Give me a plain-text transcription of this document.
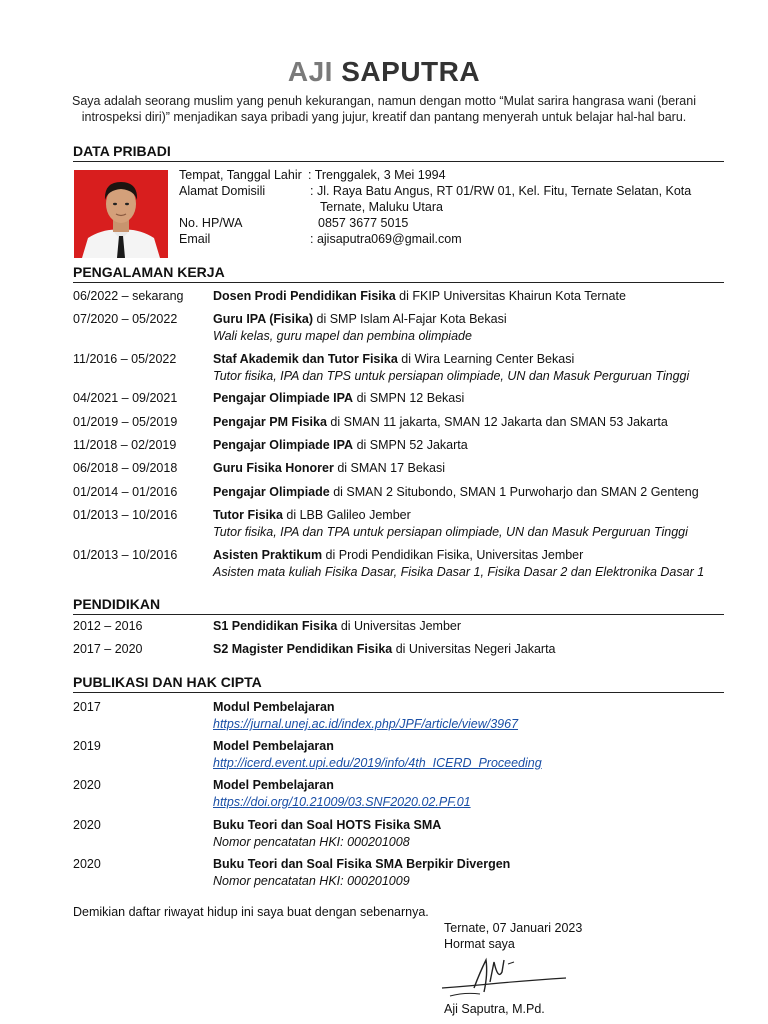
AJI SAPUTRA
Saya adalah seorang muslim yang penuh kekurangan, namun dengan motto “Mulat sarira hangrasa wani (berani
introspeksi diri)” menjadikan saya pribadi yang jujur, kreatif dan pantang menyerah untuk belajar hal-hal baru.
DATA PRIBADI
Tempat, Tanggal Lahir : Trenggalek, 3 Mei 1994
Alamat Domisili	: Jl. Raya Batu Angus, RT 01/RW 01, Kel. Fitu, Ternate Selatan, Kota
Ternate, Maluku Utara
No. HP/WA	0857 3677 5015
Email	: ajisaputra069@gmail.com
PENGALAMAN KERJA
06/2022 – sekarang	Dosen Prodi Pendidikan Fisika di FKIP Universitas Khairun Kota Ternate
07/2020 – 05/2022	Guru IPA (Fisika) di SMP Islam Al-Fajar Kota Bekasi
Wali kelas, guru mapel dan pembina olimpiade
11/2016 – 05/2022	Staf Akademik dan Tutor Fisika di Wira Learning Center Bekasi
Tutor fisika, IPA dan TPS untuk persiapan olimpiade, UN dan Masuk Perguruan Tinggi
04/2021 – 09/2021	Pengajar Olimpiade IPA di SMPN 12 Bekasi
01/2019 – 05/2019	Pengajar PM Fisika di SMAN 11 jakarta, SMAN 12 Jakarta dan SMAN 53 Jakarta
11/2018 – 02/2019	Pengajar Olimpiade IPA di SMPN 52 Jakarta
06/2018 – 09/2018	Guru Fisika Honorer di SMAN 17 Bekasi
01/2014 – 01/2016	Pengajar Olimpiade di SMAN 2 Situbondo, SMAN 1 Purwoharjo dan SMAN 2 Genteng
01/2013 – 10/2016	Tutor Fisika di LBB Galileo Jember
Tutor fisika, IPA dan TPA untuk persiapan olimpiade, UN dan Masuk Perguruan Tinggi
01/2013 – 10/2016	Asisten Praktikum di Prodi Pendidikan Fisika, Universitas Jember
Asisten mata kuliah Fisika Dasar, Fisika Dasar 1, Fisika Dasar 2 dan Elektronika Dasar 1
PENDIDIKAN
2012 – 2016	S1 Pendidikan Fisika di Universitas Jember
2017 – 2020	S2 Magister Pendidikan Fisika di Universitas Negeri Jakarta
PUBLIKASI DAN HAK CIPTA
2017	Modul Pembelajaran
https://jurnal.unej.ac.id/index.php/JPF/article/view/3967
2019	Model Pembelajaran
http://icerd.event.upi.edu/2019/info/4th_ICERD_Proceeding
2020	Model Pembelajaran
https://doi.org/10.21009/03.SNF2020.02.PF.01
2020	Buku Teori dan Soal HOTS Fisika SMA
Nomor pencatatan HKI: 000201008
2020	Buku Teori dan Soal Fisika SMA Berpikir Divergen
Nomor pencatatan HKI: 000201009
Demikian daftar riwayat hidup ini saya buat dengan sebenarnya.
Ternate, 07 Januari 2023
Hormat saya
Aji Saputra, M.Pd.
